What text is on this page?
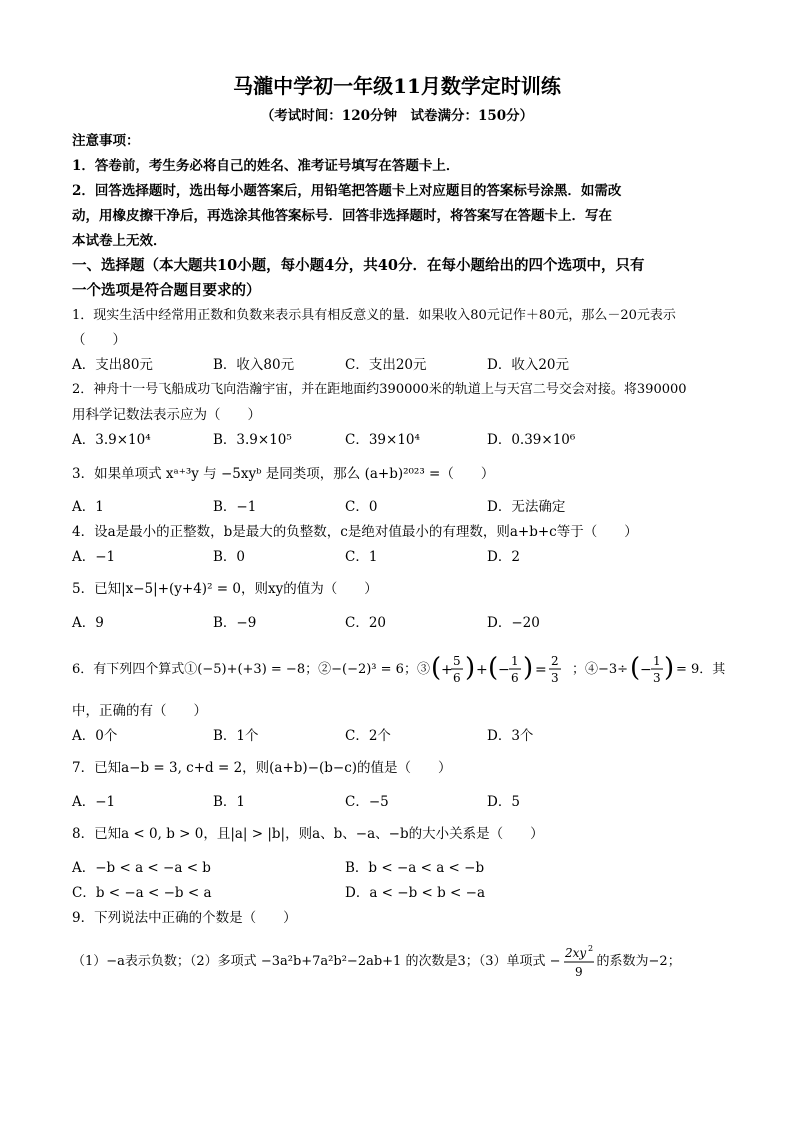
马瀧中学初一年级11月数学定时训练
（考试时间：120分钟　试卷满分：150分）
注意事项：
1．答卷前，考生务必将自己的姓名、准考证号填写在答题卡上．
2．回答选择题时，选出每小题答案后，用铅笔把答题卡上对应题目的答案标号涂黑．如需改
动，用橡皮擦干净后，再选涂其他答案标号．回答非选择题时，将答案写在答题卡上．写在
本试卷上无效．
一、选择题（本大题共10小题，每小题4分，共40分．在每小题给出的四个选项中，只有
一个选项是符合题目要求的）
1．现实生活中经常用正数和负数来表示具有相反意义的量．如果收入80元记作＋80元，那么－20元表示
（　　）
A．支出80元	B．收入80元	C．支出20元	D．收入20元
2．神舟十一号飞船成功飞向浩瀚宇宙，并在距地面约390000米的轨道上与天宫二号交会对接。将390000
用科学记数法表示应为（　　）
A．3.9×10⁴	B．3.9×10⁵	C．39×10⁴	D．0.39×10⁶
3．如果单项式 xᵃ⁺³y 与 −5xyᵇ 是同类项，那么 (a+b)²⁰²³ =（　　）
A．1	B．−1	C．0	D．无法确定
4．设a是最小的正整数，b是最大的负整数，c是绝对值最小的有理数，则a+b+c等于（　　）
A．−1	B．0	C．1	D．2
5．已知|x−5|+(y+4)² = 0，则xy的值为（　　）
A．9	B．−9	C．20	D．−20
6．有下列四个算式①(−5)+(+3) = −8；②−(−2)³ = 6；③ ( +
5
6 ) + ( −
1
6 ) =
2
3
；④−3÷ ( −
1
3 ) = 9．其
中，正确的有（　　）
A．0个	B．1个	C．2个	D．3个
7．已知a−b = 3, c+d = 2，则(a+b)−(b−c)的值是（　　）
A．−1	B．1	C．−5	D．5
8．已知a < 0, b > 0，且|a| > |b|，则a、b、−a、−b的大小关系是（　　）
A．−b < a < −a < b	B．b < −a < a < −b
C．b < −a < −b < a	D．a < −b < b < −a
9．下列说法中正确的个数是（　　）
（1）−a表示负数；（2）多项式 −3a²b+7a²b²−2ab+1 的次数是3；（3）单项式 −
2xy 2
9
的系数为−2；
